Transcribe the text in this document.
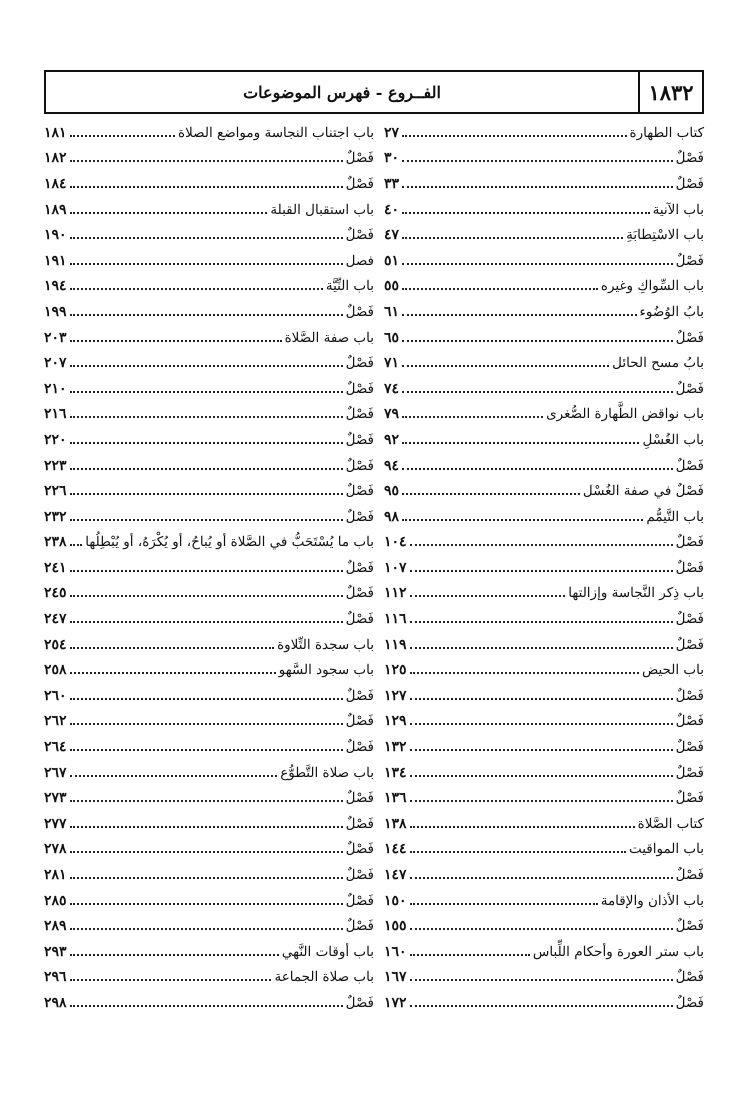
١٨٣٢
الفــروع - فهرس الموضوعات
كتاب الطهارة
٢٧
فَصْلٌ
٣٠
فَصْلٌ
٣٣
باب الآنية
٤٠
باب الاسْتِطابَةِ
٤٧
فَصْلٌ
٥١
باب السِّواكِ وغيره
٥٥
بابُ الوُضُوء
٦١
فَصْلٌ
٦٥
بابُ مسح الحائل
٧١
فَصْلٌ
٧٤
باب نواقض الطَّهارة الصُّغرى
٧٩
باب الغُسْلِ
٩٢
فَصْلٌ
٩٤
فَصْلٌ في صفة الغُسْل
٩٥
باب التَّيمُّم
٩٨
فَصْلٌ
١٠٤
فَصْلٌ
١٠٧
باب ذِكر النَّجاسة وإزالتها
١١٢
فَصْلٌ
١١٦
فَصْلٌ
١١٩
باب الحيض
١٢٥
فَصْلٌ
١٢٧
فَصْلٌ
١٢٩
فَصْلٌ
١٣٢
فَصْلٌ
١٣٤
فَصْلٌ
١٣٦
كتاب الصَّلاة
١٣٨
باب المواقيت
١٤٤
فَصْلٌ
١٤٧
باب الأذان والإقامة
١٥٠
فَصْلٌ
١٥٥
باب ستر العورة وأحكام اللِّباس
١٦٠
فَصْلٌ
١٦٧
فَصْلٌ
١٧٢
باب اجتناب النجاسة ومواضع الصلاة
١٨١
فَصْلٌ
١٨٢
فَصْلٌ
١٨٤
باب استقبال القبلة
١٨٩
فَصْلٌ
١٩٠
فصل
١٩١
باب النِّيَّة
١٩٤
فَصْلٌ
١٩٩
باب صفة الصَّلاة
٢٠٣
فَصْلٌ
٢٠٧
فَصْلٌ
٢١٠
فَصْلٌ
٢١٦
فَصْلٌ
٢٢٠
فَصْلٌ
٢٢٣
فَصْلٌ
٢٢٦
فَصْلٌ
٢٣٢
باب ما يُسْتَحَبُّ في الصَّلاة أو يُباحُ، أو يُكْرَهُ، أو يُبْطِلُها
٢٣٨
فَصْلٌ
٢٤١
فَصْلٌ
٢٤٥
فَصْلٌ
٢٤٧
باب سجدة التِّلاوة
٢٥٤
باب سجود السَّهو
٢٥٨
فَصْلٌ
٢٦٠
فَصْلٌ
٢٦٢
فَصْلٌ
٢٦٤
باب صلاة التَّطوُّع
٢٦٧
فَصْلٌ
٢٧٣
فَصْلٌ
٢٧٧
فَصْلٌ
٢٧٨
فَصْلٌ
٢٨١
فَصْلٌ
٢٨٥
فَصْلٌ
٢٨٩
باب أوقات النَّهي
٢٩٣
باب صلاة الجماعة
٢٩٦
فَصْلٌ
٢٩٨
